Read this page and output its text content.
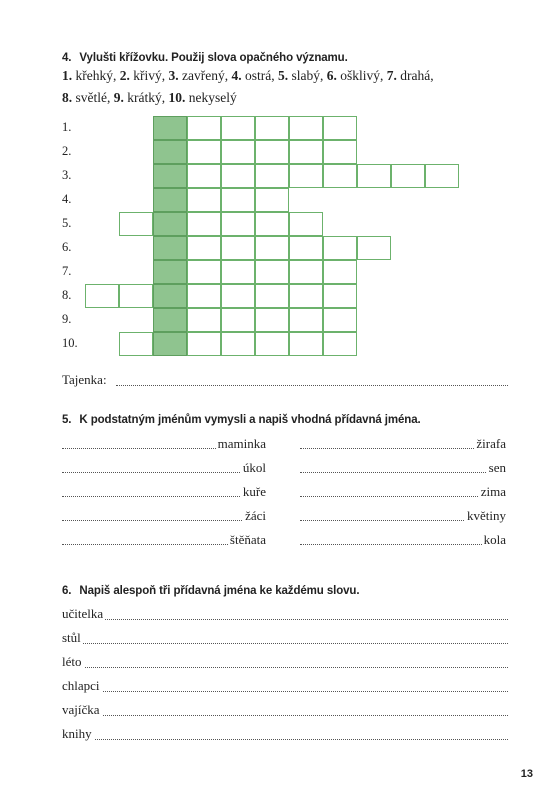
4. Vylušti křížovku. Použij slova opačného významu.
1. křehký, 2. křivý, 3. zavřený, 4. ostrá, 5. slabý, 6. ošklivý, 7. drahá,
8. světlé, 9. krátký, 10. nekyselý
1.
2.
3.
4.
5.
6.
7.
8.
9.
10.
Tajenka:
5. K podstatným jménům vymysli a napiš vhodná přídavná jména.
maminka	žirafa
úkol	sen
kuře	zima
žáci	květiny
štěňata	kola
6. Napiš alespoň tři přídavná jména ke každému slovu.
učitelka
stůl
léto
chlapci
vajíčka
knihy
13
